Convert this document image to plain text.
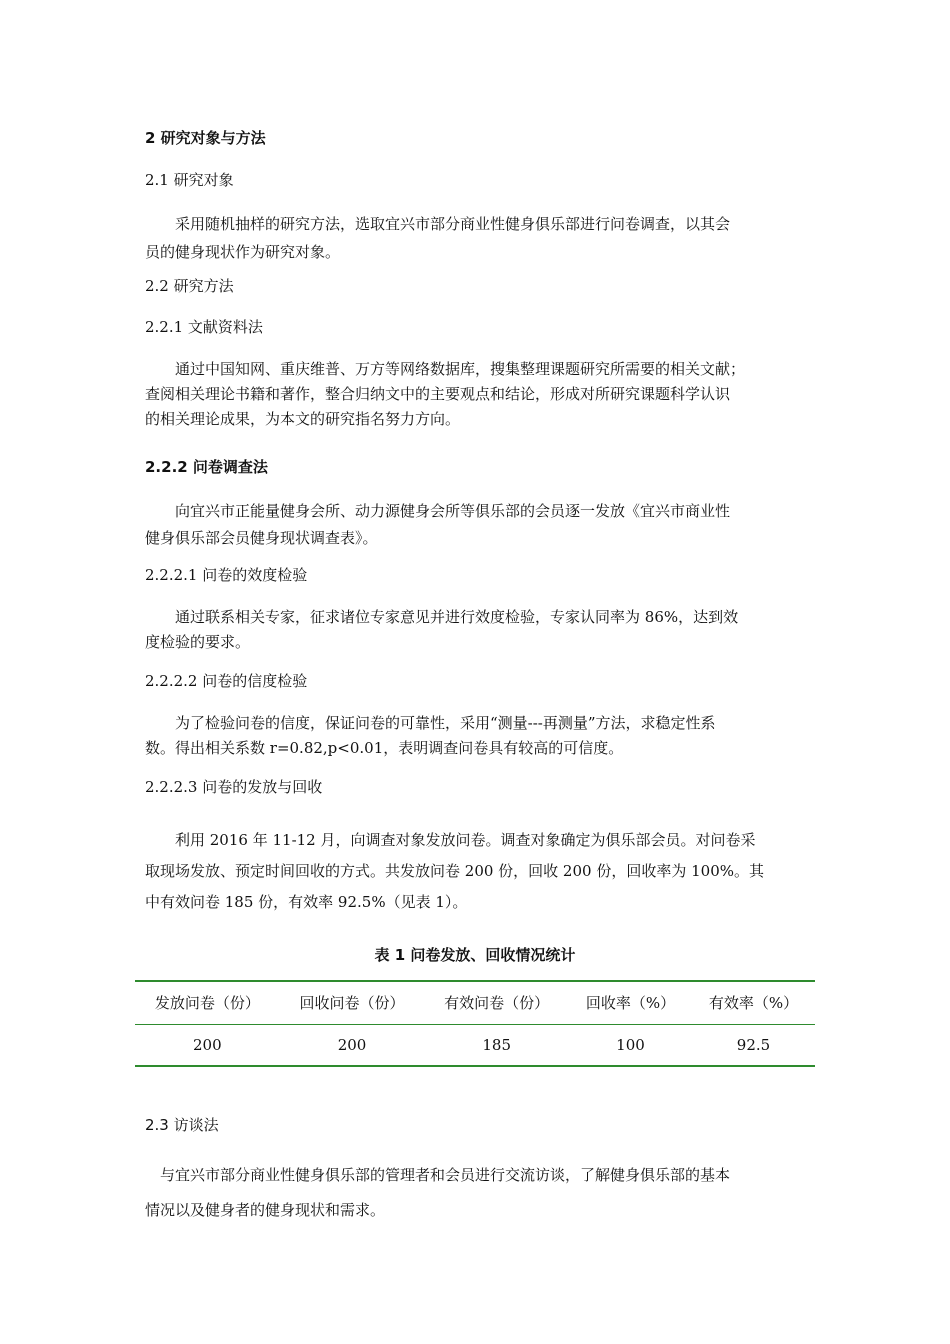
2 研究对象与方法
2.1 研究对象
　　采用随机抽样的研究方法，选取宜兴市部分商业性健身俱乐部进行问卷调查，以其会
员的健身现状作为研究对象。
2.2 研究方法
2.2.1 文献资料法
　　通过中国知网、重庆维普、万方等网络数据库，搜集整理课题研究所需要的相关文献；
查阅相关理论书籍和著作，整合归纳文中的主要观点和结论，形成对所研究课题科学认识
的相关理论成果，为本文的研究指名努力方向。
2.2.2 问卷调查法
　　向宜兴市正能量健身会所、动力源健身会所等俱乐部的会员逐一发放《宜兴市商业性
健身俱乐部会员健身现状调查表》。
2.2.2.1 问卷的效度检验
　　通过联系相关专家，征求诸位专家意见并进行效度检验，专家认同率为 86%，达到效
度检验的要求。
2.2.2.2 问卷的信度检验
　　为了检验问卷的信度，保证问卷的可靠性，采用“测量---再测量”方法，求稳定性系
数。得出相关系数 r=0.82,p<0.01，表明调查问卷具有较高的可信度。
2.2.2.3 问卷的发放与回收
　　利用 2016 年 11-12 月，向调查对象发放问卷。调查对象确定为俱乐部会员。对问卷采
取现场发放、预定时间回收的方式。共发放问卷 200 份，回收 200 份，回收率为 100%。其
中有效问卷 185 份，有效率 92.5%（见表 1）。
表 1 问卷发放、回收情况统计
发放问卷（份）	回收问卷（份）	有效问卷（份）	回收率（%）	有效率（%）
200	200	185	100	92.5
2.3 访谈法
　与宜兴市部分商业性健身俱乐部的管理者和会员进行交流访谈，了解健身俱乐部的基本
情况以及健身者的健身现状和需求。
